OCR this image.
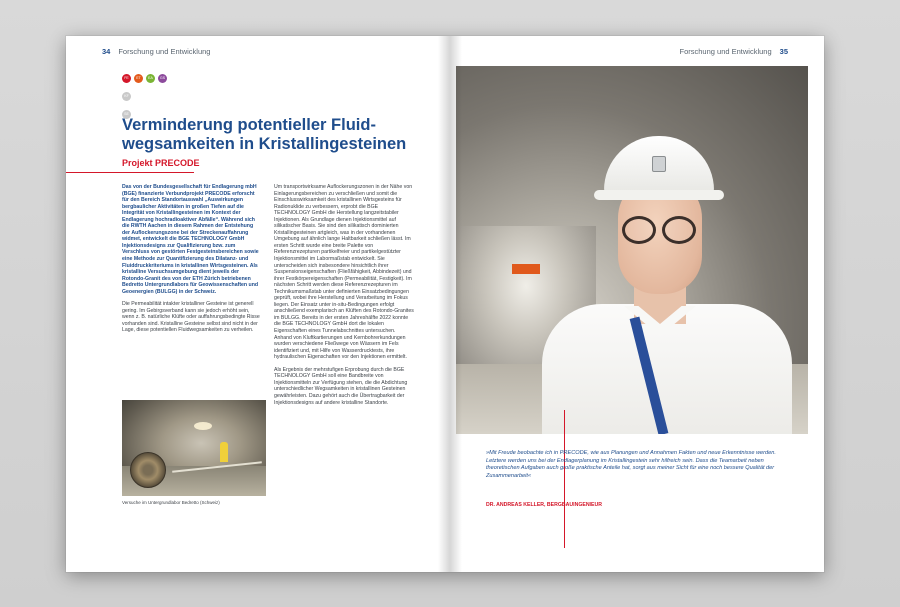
34 Forschung und Entwicklung
FE ET EA GS
KF
SE
Verminderung potentieller Fluidwegsamkeiten in Kristallingesteinen
Projekt PRECODE

Das von der Bundesgesellschaft für Endlagerung mbH (BGE) finanzierte Verbundprojekt PRECODE erforscht für den Bereich Standortauswahl „Auswirkungen bergbaulicher Aktivitäten in großen Tiefen auf die Integrität von Kristallingesteinen im Kontext der Endlagerung hochradioaktiver Abfälle“. Während sich die RWTH Aachen in diesem Rahmen der Entstehung der Auflockerungszone bei der Streckenauffahrung widmet, entwickelt die BGE TECHNOLOGY GmbH Injektionsdesigns zur Qualifizierung bzw. zum Verschluss von gestörten Festgesteinsbereichen sowie eine Methode zur Quantifizierung des Dilatanz- und Fluiddruckkriteriums in kristallinen Wirtsgesteinen. Als kristalline Versuchsumgebung dient jeweils der Rotondo-Granit des von der ETH Zürich betriebenen Bedretto Untergrundlabors für Geowissenschaften und Geoenergien (BULGG) in der Schweiz.

Die Permeabilität intakter kristalliner Gesteine ist generell gering. Im Gebirgsverband kann sie jedoch erhöht sein, wenn z. B. natürliche Klüfte oder auffahrungsbedingte Risse vorhanden sind. Kristalline Gesteine selbst sind nicht in der Lage, diese potentiellen Fluidwegsamkeiten zu verheilen.

Versuche im Untergrundlabor Bedretto (Schweiz)

Um transportwirksame Auflockerungszonen in der Nähe von Einlagerungsbereichen zu verschließen und somit die Einschlusswirksamkeit des kristallinen Wirtsgesteins für Radionuklide zu verbessern, erprobt die BGE TECHNOLOGY GmbH die Herstellung langzeitstabiler Injektionen. Als Grundlage dienen Injektionsmittel auf silikatischer Basis. Sie sind den silikatisch dominierten Kristallingesteinen artgleich, was in der vorhandenen Umgebung auf ähnlich lange Haltbarkeit schließen lässt. Im ersten Schritt wurde eine breite Palette von Referenzrezepturen partikelfreier und partikelgestützter Injektionsmittel im Labormaßstab entwickelt. Sie unterscheiden sich insbesondere hinsichtlich ihrer Suspensionseigenschaften (Fließfähigkeit, Abbindezeit) und ihrer Festkörpereigenschaften (Permeabilität, Festigkeit). Im nächsten Schritt werden diese Referenzrezepturen im Technikumsmaßstab unter definierten Einsatzbedingungen geprüft, wobei ihre Herstellung und Verarbeitung im Fokus liegen. Der Einsatz unter in-situ-Bedingungen erfolgt anschließend exemplarisch an Klüften des Rotondo-Granites im BULGG. Bereits in der ersten Jahreshälfte 2022 konnte die BGE TECHNOLOGY GmbH dort die lokalen Eigenschaften eines Tunnelabschnittes untersuchen. Anhand von Kluftkartierungen und Kernbohrerkundungen wurden verschiedene Fließwege von Wässern im Fels identifiziert und, mit Hilfe von Wasserdrucktests, ihre hydraulischen Eigenschaften vor den Injektionen ermittelt.

Als Ergebnis der mehrstufigen Erprobung durch die BGE TECHNOLOGY GmbH soll eine Bandbreite von Injektionsmitteln zur Verfügung stehen, die die Abdichtung unterschiedlicher Wegsamkeiten in kristallinen Gesteinen gewährleisten. Dazu gehört auch die Übertragbarkeit der Injektionsdesigns auf andere kristalline Standorte.

Forschung und Entwicklung 35

»Mit Freude beobachte ich in PRECODE, wie aus Planungen und Annahmen Fakten und neue Erkenntnisse werden. Letztere werden uns bei der Endlagerplanung im Kristallingestein sehr hilfreich sein. Dass die Teamarbeit neben theoretischen Aufgaben auch große praktische Anteile hat, sorgt aus meiner Sicht für eine noch bessere Qualität der Zusammenarbeit«

DR. ANDREAS KELLER, BERGBAUINGENIEUR
